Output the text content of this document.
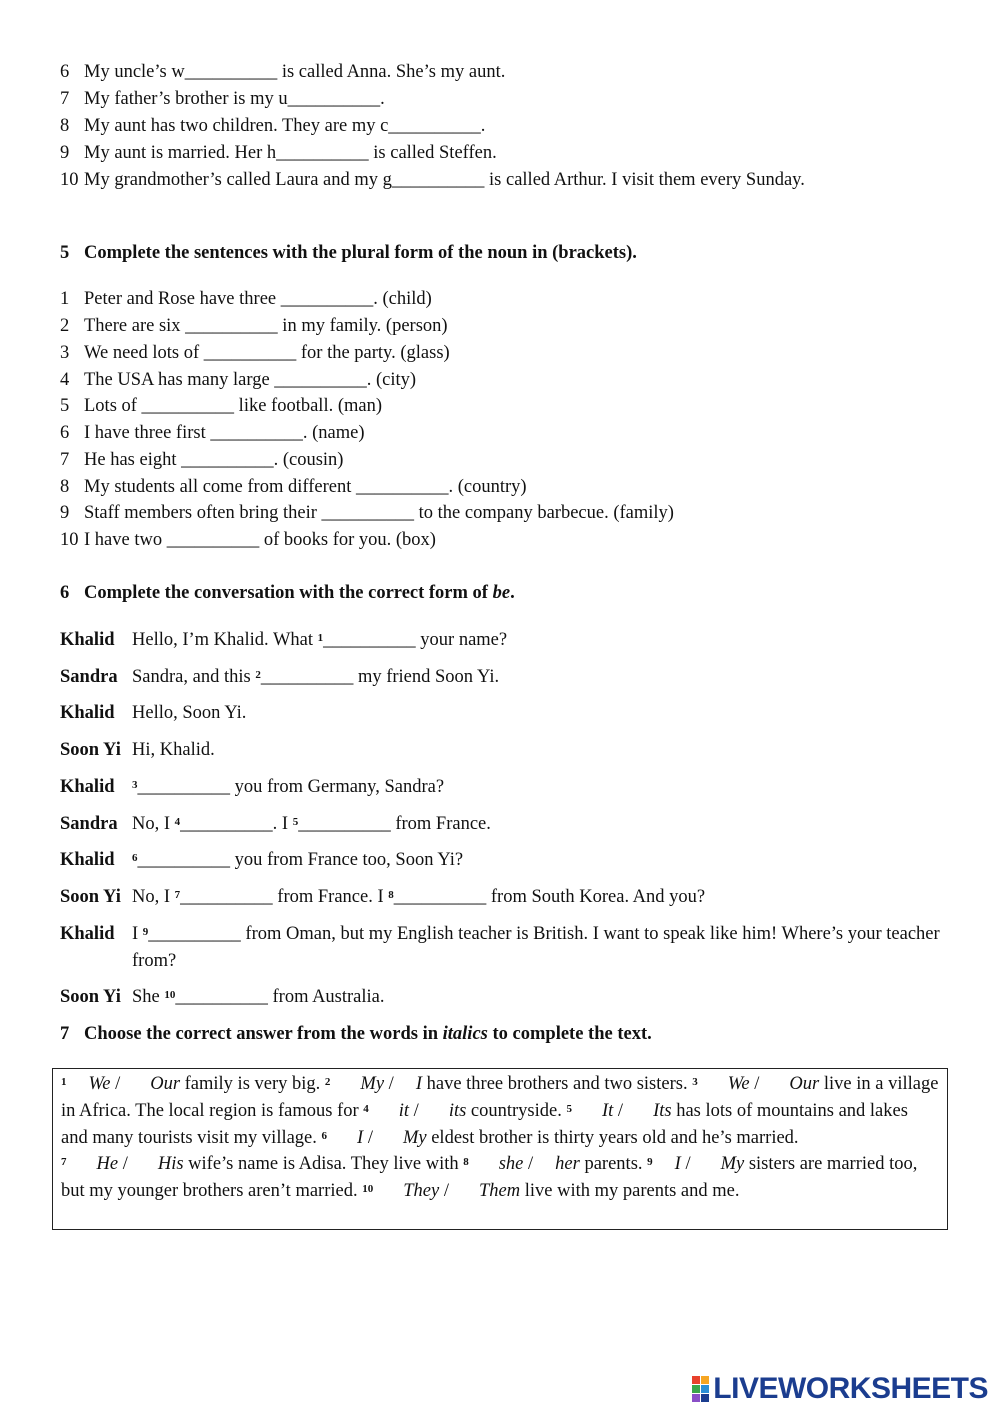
6 My uncle’s w__________ is called Anna. She’s my aunt.
7 My father’s brother is my u__________.
8 My aunt has two children. They are my c__________.
9 My aunt is married. Her h__________ is called Steffen.
10 My grandmother’s called Laura and my g__________ is called Arthur. I visit them every Sunday.
5 Complete the sentences with the plural form of the noun in (brackets).
1 Peter and Rose have three __________. (child)
2 There are six __________ in my family. (person)
3 We need lots of __________ for the party. (glass)
4 The USA has many large __________. (city)
5 Lots of __________ like football. (man)
6 I have three first __________. (name)
7 He has eight __________. (cousin)
8 My students all come from different __________. (country)
9 Staff members often bring their __________ to the company barbecue. (family)
10 I have two __________ of books for you. (box)
6 Complete the conversation with the correct form of be.
Khalid Hello, I’m Khalid. What $^1$__________ your name?
Sandra Sandra, and this $^2$__________ my friend Soon Yi.
Khalid Hello, Soon Yi.
Soon Yi Hi, Khalid.
Khalid $^3$__________ you from Germany, Sandra?
Sandra No, I $^4$__________. I $^5$__________ from France.
Khalid $^6$__________ you from France too, Soon Yi?
Soon Yi No, I $^7$__________ from France. I $^8$__________ from South Korea. And you?
Khalid I $^9$__________ from Oman, but my English teacher is British. I want to speak like him! Where’s your teacher from?
Soon Yi She $^{10}$__________ from Australia.
7 Choose the correct answer from the words in italics to complete the text.
$^1$ We / Our family is very big. $^2$ My / I have three brothers and two sisters. $^3$ We / Our live in a village in Africa. The local region is famous for $^4$ it / its countryside. $^5$ It / Its has lots of mountains and lakes and many tourists visit my village. $^6$ I / My eldest brother is thirty years old and he’s married.
$^7$ He / His wife’s name is Adisa. They live with $^8$ she / her parents. $^9$ I / My sisters are married too, but my younger brothers aren’t married. $^{10}$ They / Them live with my parents and me.
LIVEWORKSHEETS
